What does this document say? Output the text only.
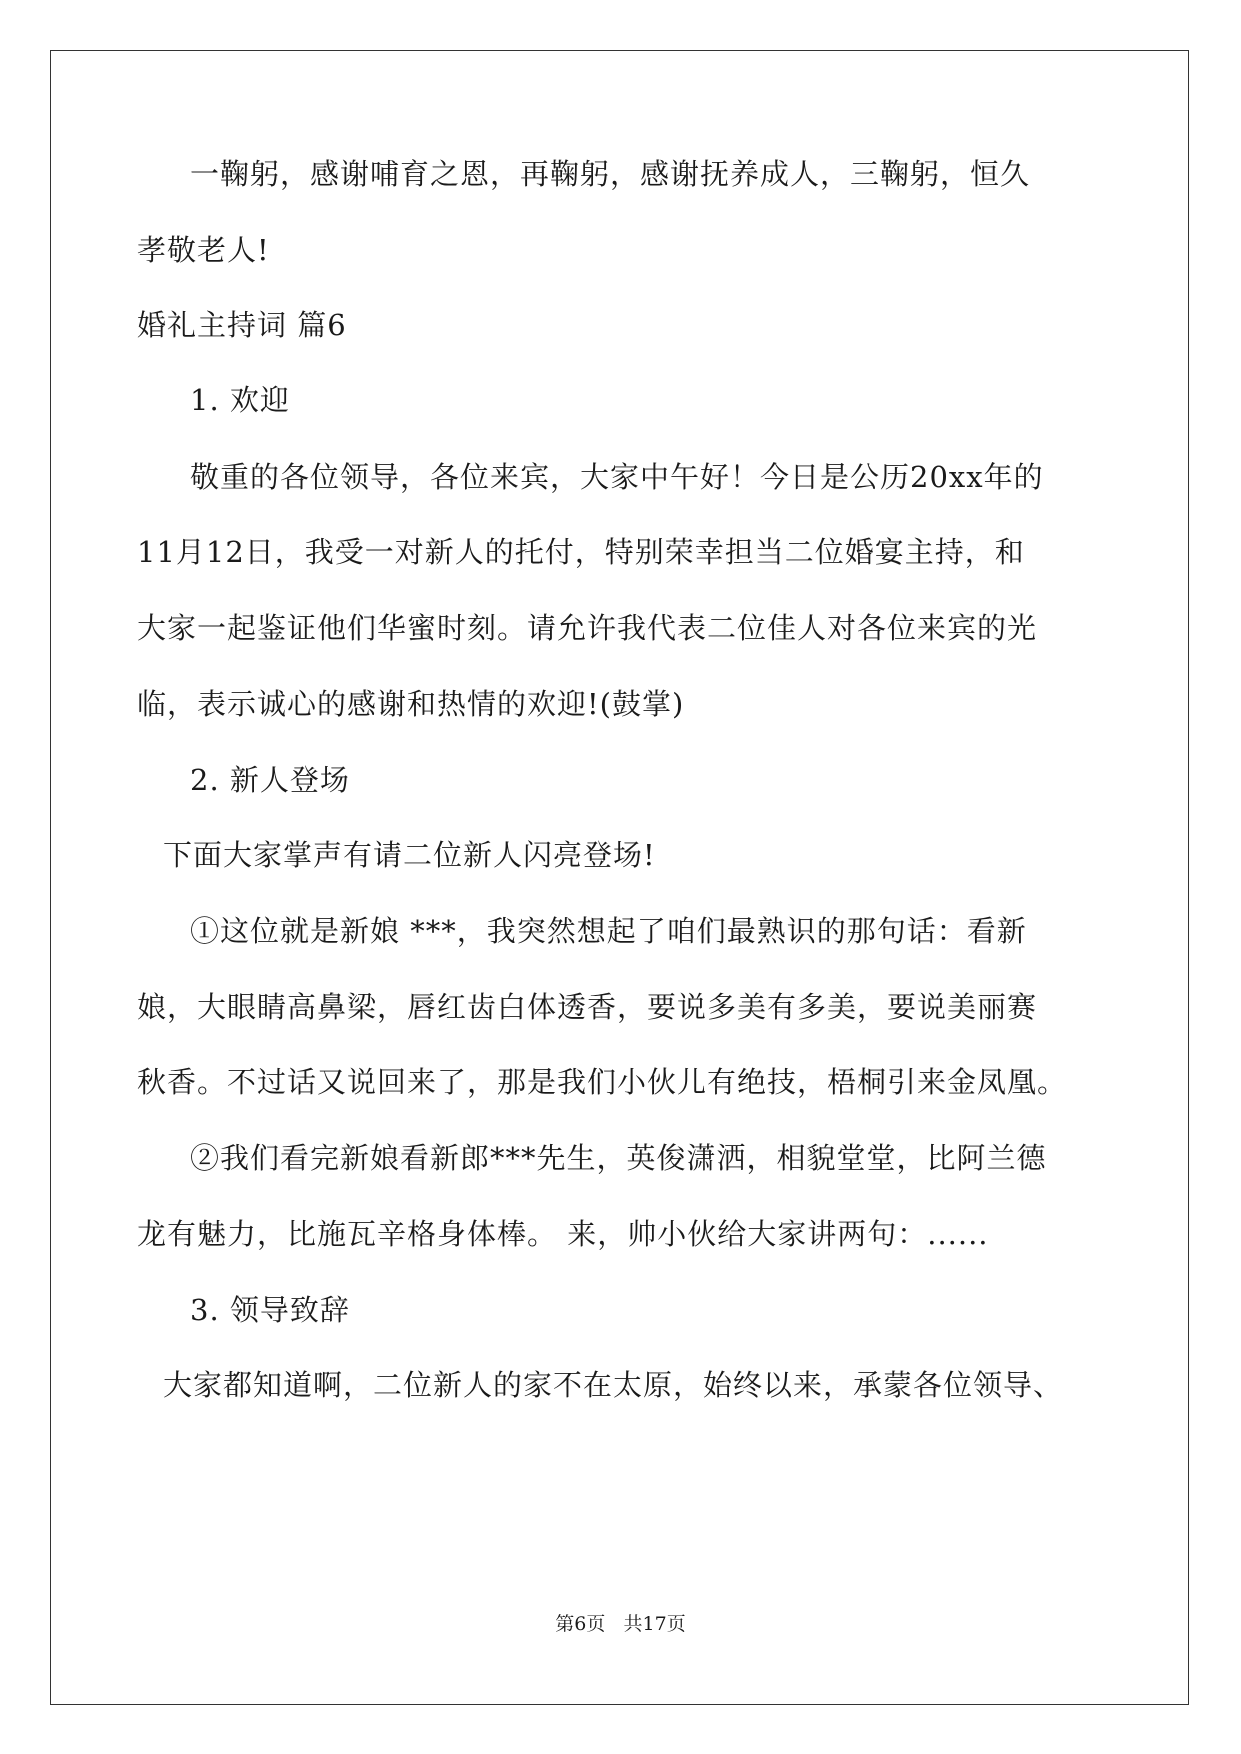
一鞠躬，感谢哺育之恩，再鞠躬，感谢抚养成人，三鞠躬，恒久
孝敬老人!
婚礼主持词 篇6
1. 欢迎
敬重的各位领导，各位来宾，大家中午好！今日是公历20xx年的
11月12日，我受一对新人的托付，特别荣幸担当二位婚宴主持，和
大家一起鉴证他们华蜜时刻。请允许我代表二位佳人对各位来宾的光
临，表示诚心的感谢和热情的欢迎!(鼓掌)
2. 新人登场
下面大家掌声有请二位新人闪亮登场!
①这位就是新娘 ***，我突然想起了咱们最熟识的那句话：看新
娘，大眼睛高鼻梁，唇红齿白体透香，要说多美有多美，要说美丽赛
秋香。不过话又说回来了，那是我们小伙儿有绝技，梧桐引来金凤凰。
②我们看完新娘看新郎***先生，英俊潇洒，相貌堂堂，比阿兰德
龙有魅力，比施瓦辛格身体棒。 来，帅小伙给大家讲两句：......
3. 领导致辞
大家都知道啊，二位新人的家不在太原，始终以来，承蒙各位领导、
第6页 共17页
